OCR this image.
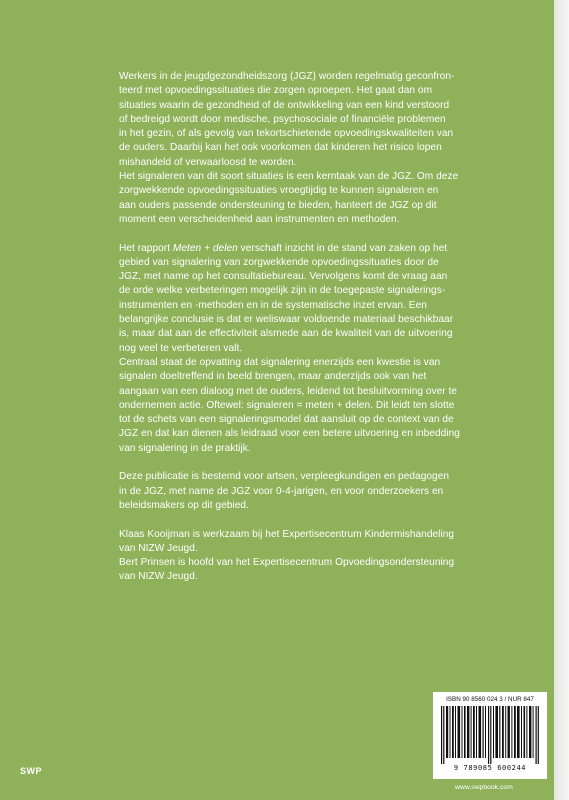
Werkers in de jeugdgezondheidszorg (JGZ) worden regelmatig geconfron-
teerd met opvoedingssituaties die zorgen oproepen. Het gaat dan om
situaties waarin de gezondheid of de ontwikkeling van een kind verstoord
of bedreigd wordt door medische, psychosociale of financiële problemen
in het gezin, of als gevolg van tekortschietende opvoedingskwaliteiten van
de ouders. Daarbij kan het ook voorkomen dat kinderen het risico lopen
mishandeld of verwaarloosd te worden.

Het signaleren van dit soort situaties is een kerntaak van de JGZ. Om deze
zorgwekkende opvoedingssituaties vroegtijdig te kunnen signaleren en
aan ouders passende ondersteuning te bieden, hanteert de JGZ op dit
moment een verscheidenheid aan instrumenten en methoden.

Het rapport Meten + delen verschaft inzicht in de stand van zaken op het
gebied van signalering van zorgwekkende opvoedingssituaties door de
JGZ, met name op het consultatiebureau. Vervolgens komt de vraag aan
de orde welke verbeteringen mogelijk zijn in de toegepaste signalerings-
instrumenten en -methoden en in de systematische inzet ervan. Een
belangrijke conclusie is dat er weliswaar voldoende materiaal beschikbaar
is, maar dat aan de effectiviteit alsmede aan de kwaliteit van de uitvoering
nog veel te verbeteren valt.

Centraal staat de opvatting dat signalering enerzijds een kwestie is van
signalen doeltreffend in beeld brengen, maar anderzijds ook van het
aangaan van een dialoog met de ouders, leidend tot besluitvorming over te
ondernemen actie. Oftewel: signaleren = meten + delen. Dit leidt ten slotte
tot de schets van een signaleringsmodel dat aansluit op de context van de
JGZ en dat kan dienen als leidraad voor een betere uitvoering en inbedding
van signalering in de praktijk.

Deze publicatie is bestemd voor artsen, verpleegkundigen en pedagogen
in de JGZ, met name de JGZ voor 0-4-jarigen, en voor onderzoekers en
beleidsmakers op dit gebied.

Klaas Kooijman is werkzaam bij het Expertisecentrum Kindermishandeling
van NIZW Jeugd.

Bert Prinsen is hoofd van het Expertisecentrum Opvoedingsondersteuning
van NIZW Jeugd.

ISBN 90 8560 024 3 / NUR 847
9 789085 600244
SWP
www.swpbook.com
